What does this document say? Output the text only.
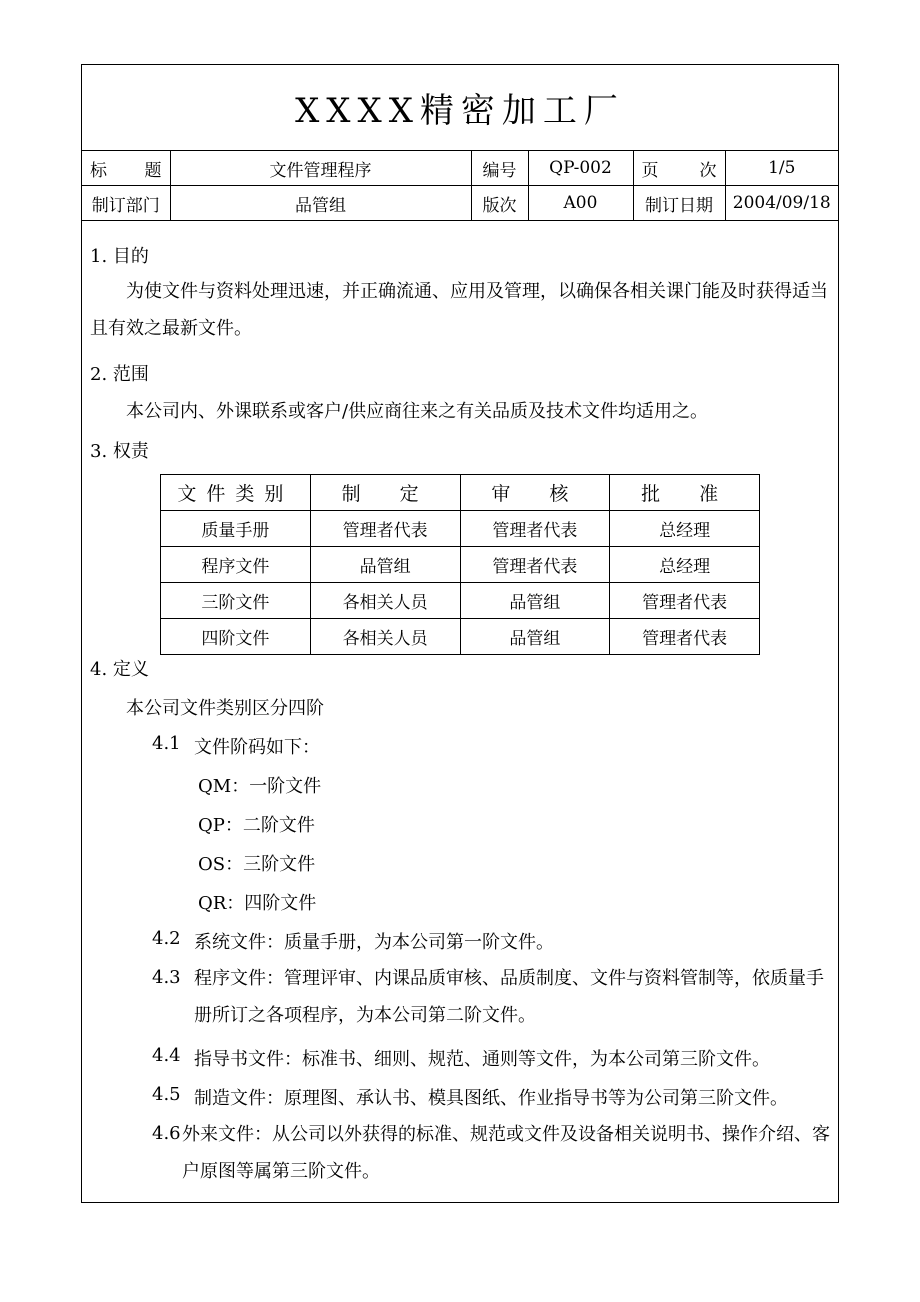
XXXX精密加工厂
标　题	文件管理程序	编号	QP-002	页　次	1/5
制订部门	品管组	版次	A00	制订日期	2004/09/18
1. 目的
为使文件与资料处理迅速，并正确流通、应用及管理，以确保各相关课门能及时获得适当且有效之最新文件。
2. 范围
本公司内、外课联系或客户/供应商往来之有关品质及技术文件均适用之。
3. 权责
文件类别	制　定	审　核	批　准
质量手册	管理者代表	管理者代表	总经理
程序文件	品管组	管理者代表	总经理
三阶文件	各相关人员	品管组	管理者代表
四阶文件	各相关人员	品管组	管理者代表
4. 定义
本公司文件类别区分四阶
4.1 文件阶码如下：
QM：一阶文件
QP：二阶文件
OS：三阶文件
QR：四阶文件
4.2 系统文件：质量手册，为本公司第一阶文件。
4.3 程序文件：管理评审、内课品质审核、品质制度、文件与资料管制等，依质量手册所订之各项程序，为本公司第二阶文件。
4.4 指导书文件：标准书、细则、规范、通则等文件，为本公司第三阶文件。
4.5 制造文件：原理图、承认书、模具图纸、作业指导书等为公司第三阶文件。
4.6 外来文件：从公司以外获得的标准、规范或文件及设备相关说明书、操作介绍、客户原图等属第三阶文件。
